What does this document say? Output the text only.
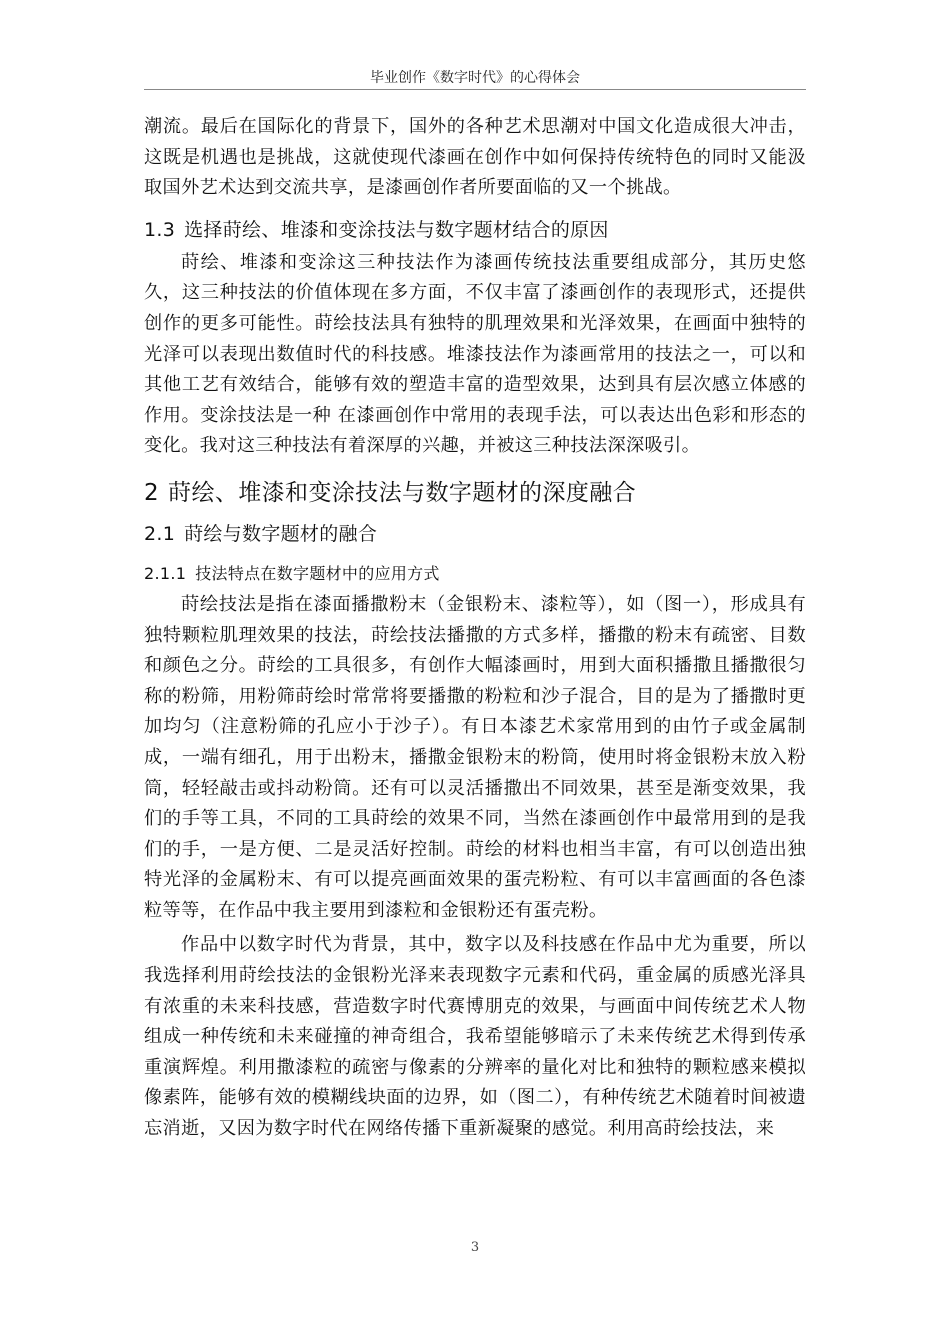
毕业创作《数字时代》的心得体会

潮流。最后在国际化的背景下，国外的各种艺术思潮对中国文化造成很大冲击，这既是机遇也是挑战，这就使现代漆画在创作中如何保持传统特色的同时又能汲取国外艺术达到交流共享，是漆画创作者所要面临的又一个挑战。

1.3 选择莳绘、堆漆和变涂技法与数字题材结合的原因

莳绘、堆漆和变涂这三种技法作为漆画传统技法重要组成部分，其历史悠久，这三种技法的价值体现在多方面，不仅丰富了漆画创作的表现形式，还提供创作的更多可能性。莳绘技法具有独特的肌理效果和光泽效果，在画面中独特的光泽可以表现出数值时代的科技感。堆漆技法作为漆画常用的技法之一，可以和其他工艺有效结合，能够有效的塑造丰富的造型效果，达到具有层次感立体感的作用。变涂技法是一种 在漆画创作中常用的表现手法，可以表达出色彩和形态的变化。我对这三种技法有着深厚的兴趣，并被这三种技法深深吸引。

2 莳绘、堆漆和变涂技法与数字题材的深度融合
2.1 莳绘与数字题材的融合
2.1.1 技法特点在数字题材中的应用方式

莳绘技法是指在漆面播撒粉末（金银粉末、漆粒等），如（图一），形成具有独特颗粒肌理效果的技法，莳绘技法播撒的方式多样，播撒的粉末有疏密、目数和颜色之分。莳绘的工具很多，有创作大幅漆画时，用到大面积播撒且播撒很匀称的粉筛，用粉筛莳绘时常常将要播撒的粉粒和沙子混合，目的是为了播撒时更加均匀（注意粉筛的孔应小于沙子）。有日本漆艺术家常用到的由竹子或金属制成，一端有细孔，用于出粉末，播撒金银粉末的粉筒，使用时将金银粉末放入粉筒，轻轻敲击或抖动粉筒。还有可以灵活播撒出不同效果，甚至是渐变效果，我们的手等工具，不同的工具莳绘的效果不同，当然在漆画创作中最常用到的是我们的手，一是方便、二是灵活好控制。莳绘的材料也相当丰富，有可以创造出独特光泽的金属粉末、有可以提亮画面效果的蛋壳粉粒、有可以丰富画面的各色漆粒等等，在作品中我主要用到漆粒和金银粉还有蛋壳粉。

作品中以数字时代为背景，其中，数字以及科技感在作品中尤为重要，所以我选择利用莳绘技法的金银粉光泽来表现数字元素和代码，重金属的质感光泽具有浓重的未来科技感，营造数字时代赛博朋克的效果，与画面中间传统艺术人物组成一种传统和未来碰撞的神奇组合，我希望能够暗示了未来传统艺术得到传承重演辉煌。利用撒漆粒的疏密与像素的分辨率的量化对比和独特的颗粒感来模拟像素阵，能够有效的模糊线块面的边界，如（图二），有种传统艺术随着时间被遗忘消逝，又因为数字时代在网络传播下重新凝聚的感觉。利用高莳绘技法，来

3
